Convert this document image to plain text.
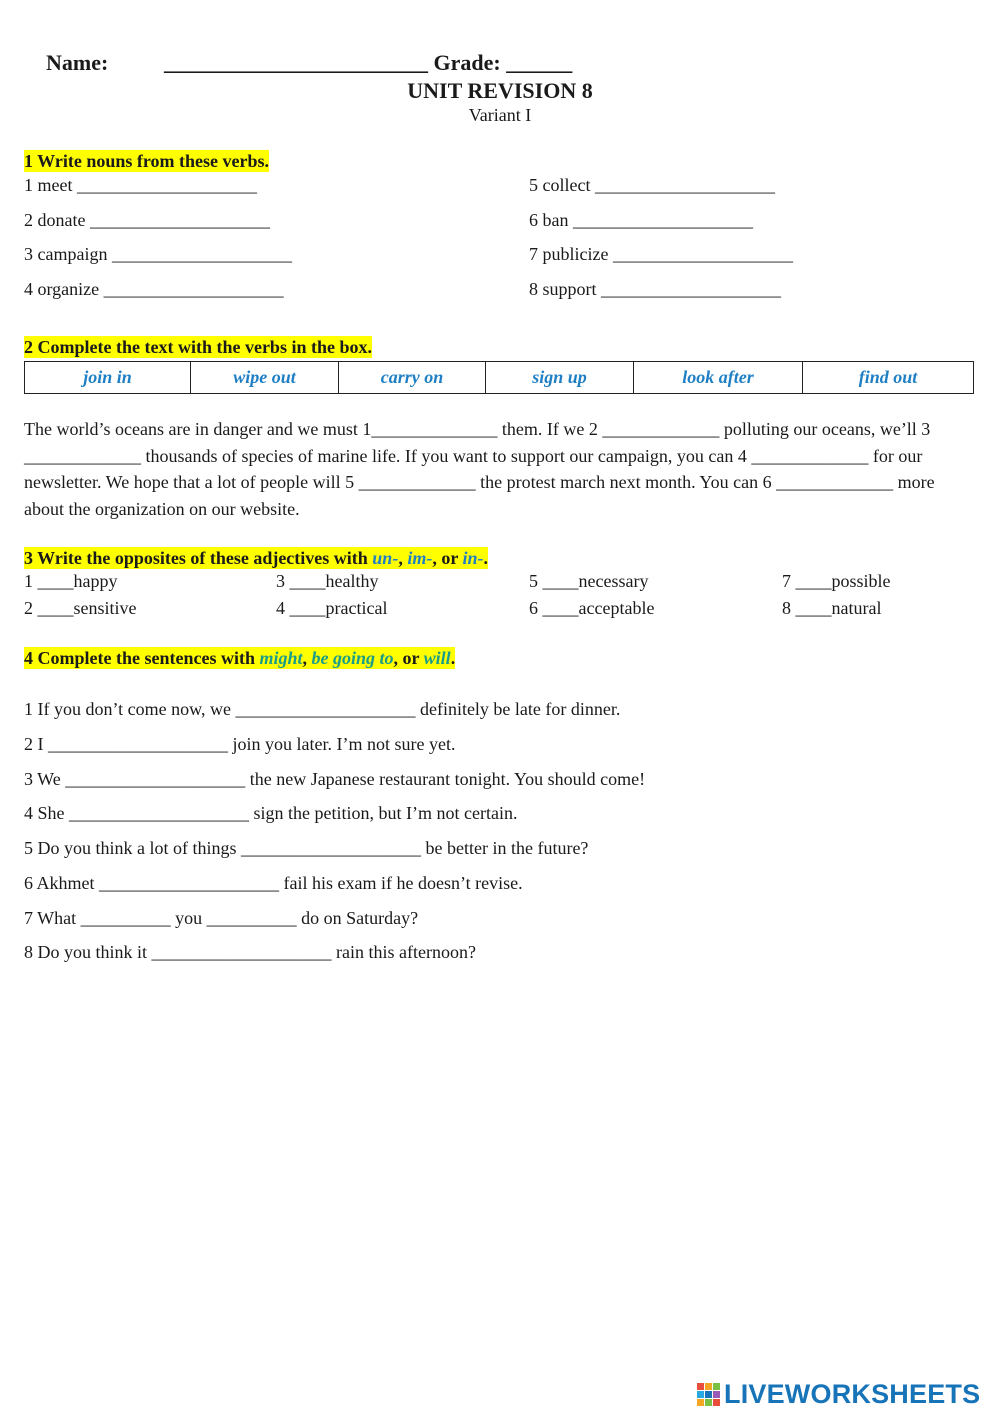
Name:	________________________ Grade: ______

UNIT REVISION 8
Variant I
1 Write nouns from these verbs.
1 meet ____________________
2 donate ____________________
3 campaign ____________________
4 organize ____________________
5 collect ____________________
6 ban ____________________
7 publicize ____________________
8 support ____________________
2 Complete the text with the verbs in the box.
join in	wipe out	carry on	sign up	look after	find out
The world’s oceans are in danger and we must 1______________ them. If we 2 _____________ polluting our oceans, we’ll 3 _____________ thousands of species of marine life. If you want to support our campaign, you can 4 _____________ for our newsletter. We hope that a lot of people will 5 _____________ the protest march next month. You can 6 _____________ more about the organization on our website.
3 Write the opposites of these adjectives with un-, im-, or in-.
1 ____happy
2 ____sensitive
3 ____healthy
4 ____practical
5 ____necessary
6 ____acceptable
7 ____possible
8 ____natural
4 Complete the sentences with might, be going to, or will.
1 If you don’t come now, we ____________________ definitely be late for dinner.
2 I ____________________ join you later. I’m not sure yet.
3 We ____________________ the new Japanese restaurant tonight. You should come!
4 She ____________________ sign the petition, but I’m not certain.
5 Do you think a lot of things ____________________ be better in the future?
6 Akhmet ____________________ fail his exam if he doesn’t revise.
7 What __________ you __________ do on Saturday?
8 Do you think it ____________________ rain this afternoon?
LIVEWORKSHEETS
